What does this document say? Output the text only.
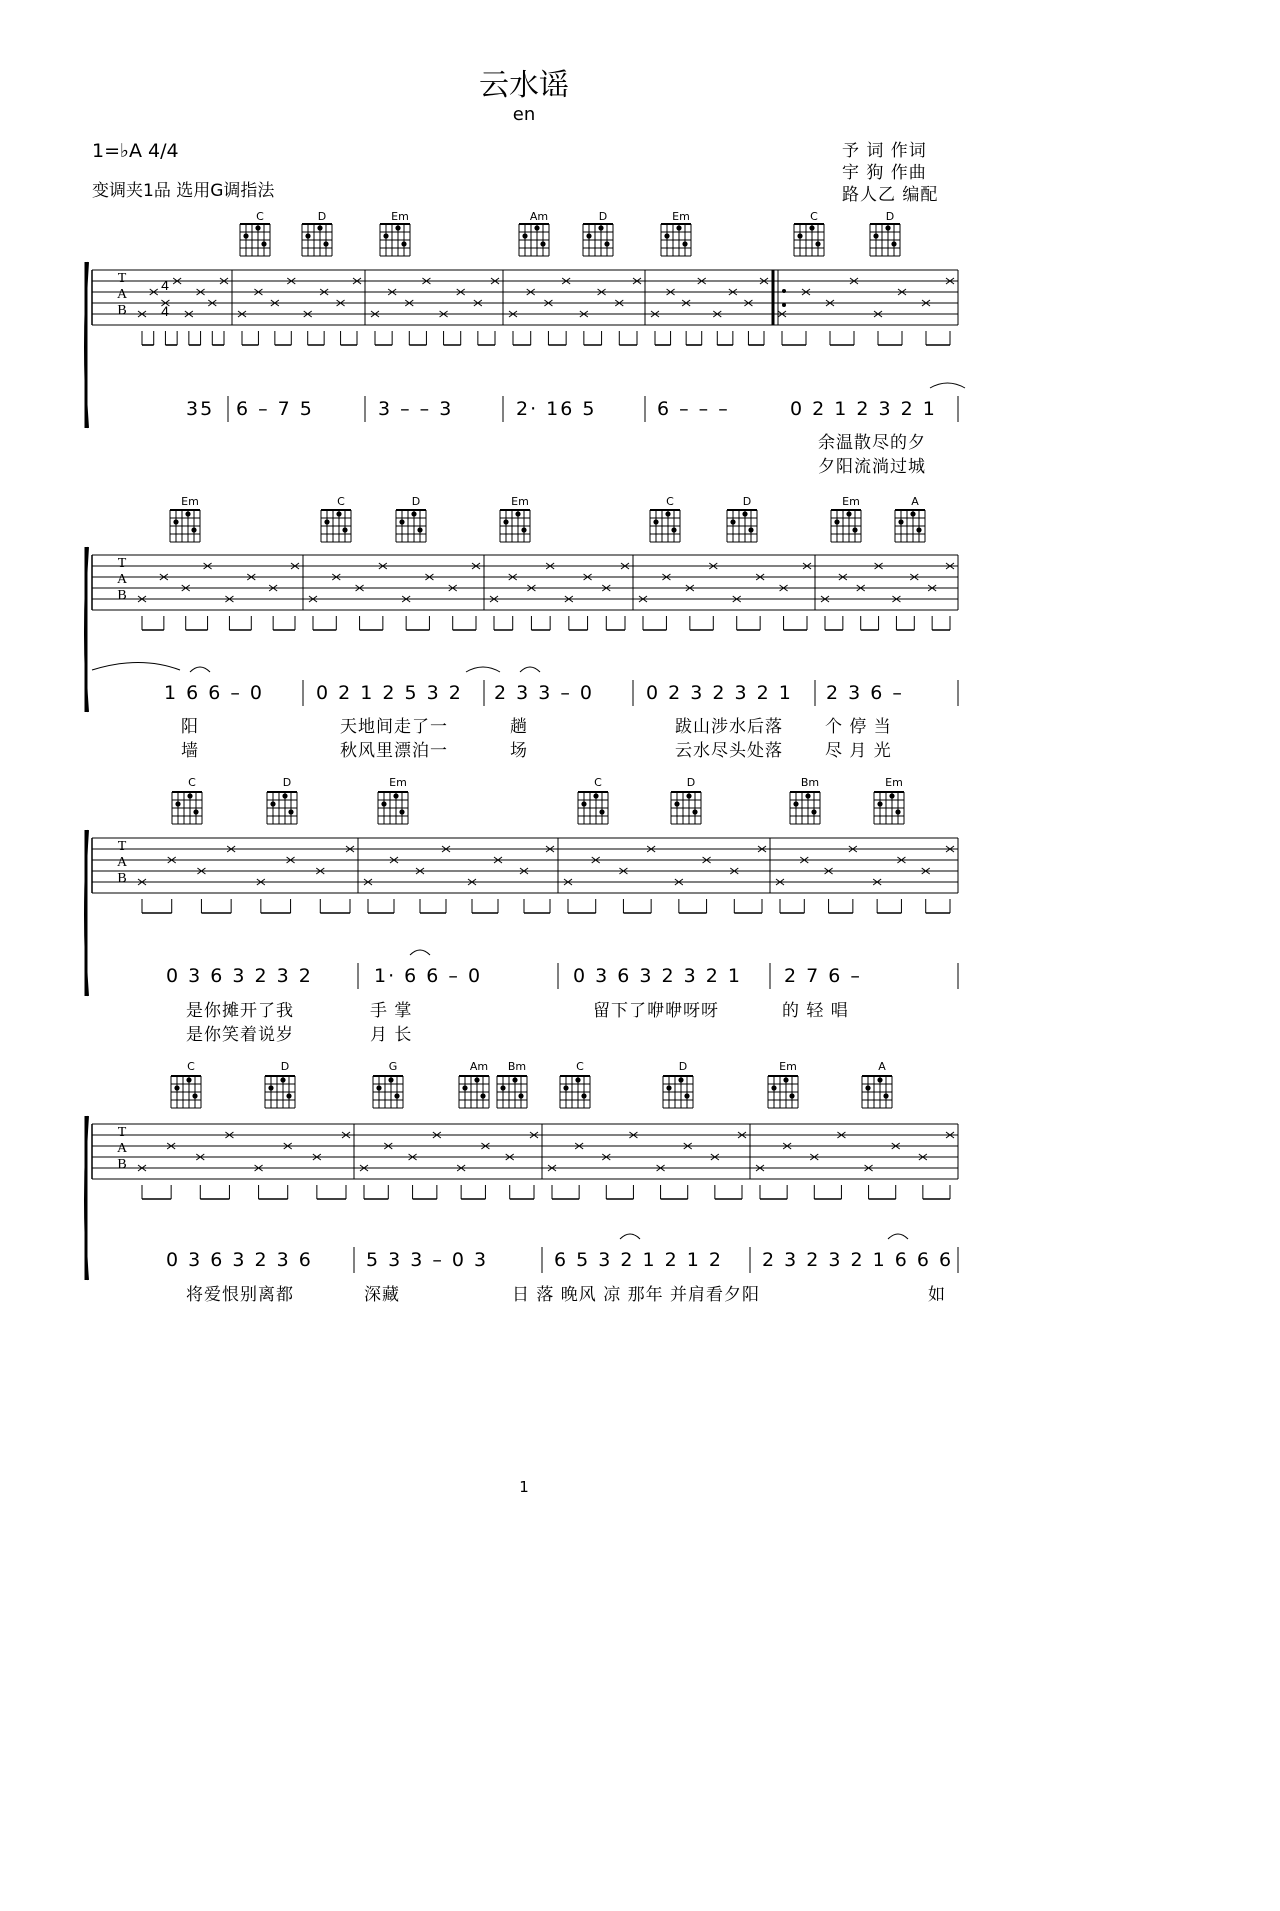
云水谣
en
1=♭A 4/4
变调夹1品 选用G调指法
予 词 作词
宇 狗 作曲
路人乙 编配
T
A
B
T
A
B
T
A
B
T
A
B
4
4
C	D	Em	Am	D	Em	C	D
35 6 – 7 5	3 – – 3	2· 16 5	6 – – –	0 2 1 2 3 2 1
余温散尽的夕
夕阳流淌过城
Em	C	D	Em	C	D	Em	A
1 6 6 – 0	0 2 1 2 5 3 2 2 3 3 – 0	0 2 3 2 3 2 1 2 3 6 –
阳	天地间走了一	趟	跋山涉水后落 个 停 当
墙	秋风里漂泊一	场	云水尽头处落 尽 月 光
C	D	Em	C	D	Bm	Em
0 3 6 3 2 3 2	1· 6 6 – 0	0 3 6 3 2 3 2 1 2 7 6 –
是你摊开了我	手 掌	留下了咿咿呀呀	的 轻 唱
是你笑着说岁	月 长
C	D	G	Am	Bm	C	D	Em	A
0 3 6 3 2 3 6	5 3 3 – 0 3	6 5 3 2 1 2 1 2 2 3 2 3 2 1 6 6 6
将爱恨别离都	深藏	日 落 晚风 凉 那年 并肩看夕阳	如
1
